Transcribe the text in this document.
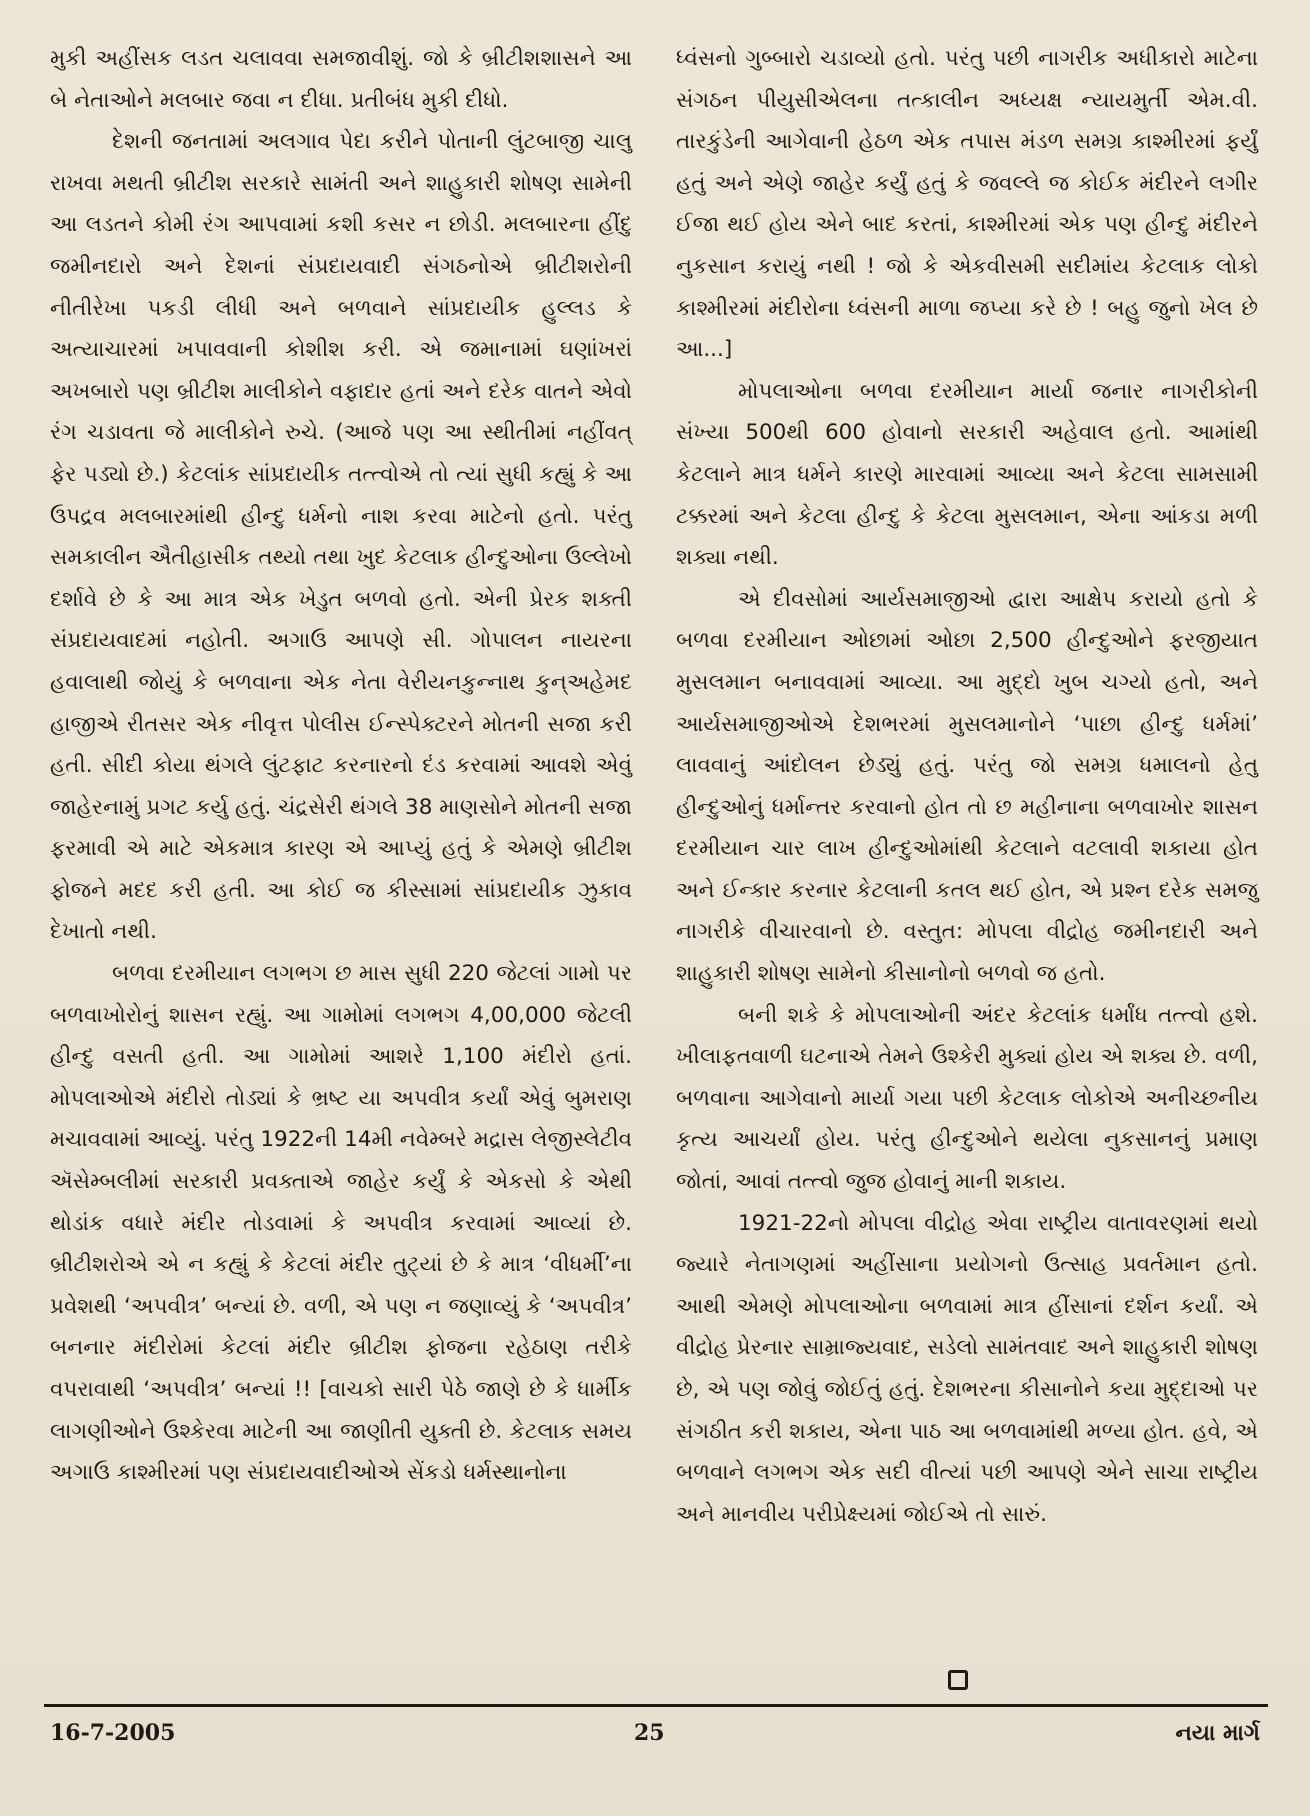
મુકી અહીંસક લડત ચલાવવા સમજાવીશું. જો કે બ્રીટીશશાસને આ બે નેતાઓને મલબાર જવા ન દીધા. પ્રતીબંધ મુકી દીધો.

દેશની જનતામાં અલગાવ પેદા કરીને પોતાની લુંટબાજી ચાલુ રાખવા મથતી બ્રીટીશ સરકારે સામંતી અને શાહુકારી શોષણ સામેની આ લડતને કોમી રંગ આપવામાં કશી કસર ન છોડી. મલબારના હીંદુ જમીનદારો અને દેશનાં સંપ્રદાયવાદી સંગઠનોએ બ્રીટીશરોની નીતીરેખા પકડી લીધી અને બળવાને સાંપ્રદાયીક હુલ્લડ કે અત્યાચારમાં ખપાવવાની કોશીશ કરી. એ જમાનામાં ઘણાંખરાં અખબારો પણ બ્રીટીશ માલીકોને વફાદાર હતાં અને દરેક વાતને એવો રંગ ચડાવતા જે માલીકોને રુચે. (આજે પણ આ સ્થીતીમાં નહીંવત્ ફેર પડ્યો છે.) કેટલાંક સાંપ્રદાયીક તત્ત્વોએ તો ત્યાં સુધી કહ્યું કે આ ઉપદ્રવ મલબારમાંથી હીન્દુ ધર્મનો નાશ કરવા માટેનો હતો. પરંતુ સમકાલીન ઐતીહાસીક તથ્યો તથા ખુદ કેટલાક હીન્દુઓના ઉલ્લેખો દર્શાવે છે કે આ માત્ર એક ખેડુત બળવો હતો. એની પ્રેરક શક્તી સંપ્રદાયવાદમાં નહોતી. અગાઉ આપણે સી. ગોપાલન નાયરના હવાલાથી જોયું કે બળવાના એક નેતા વેરીયનકુન્નાથ કુન્અહેમદ હાજીએ રીતસર એક નીવૃત્ત પોલીસ ઈન્સ્પેક્ટરને મોતની સજા કરી હતી. સીદી કોયા થંગલે લુંટફાટ કરનારનો દંડ કરવામાં આવશે એવું જાહેરનામું પ્રગટ કર્યુ હતું. ચંદ્રસેરી થંગલે 38 માણસોને મોતની સજા ફરમાવી એ માટે એકમાત્ર કારણ એ આપ્યું હતું કે એમણે બ્રીટીશ ફોજને મદદ કરી હતી. આ કોઈ જ કીસ્સામાં સાંપ્રદાયીક ઝુકાવ દેખાતો નથી.

બળવા દરમીયાન લગભગ છ માસ સુધી 220 જેટલાં ગામો પર બળવાખોરોનું શાસન રહ્યું. આ ગામોમાં લગભગ 4,00,000 જેટલી હીન્દુ વસતી હતી. આ ગામોમાં આશરે 1,100 મંદીરો હતાં. મોપલાઓએ મંદીરો તોડ્યાં કે ભ્રષ્ટ યા અપવીત્ર કર્યાં એવું બુમરાણ મચાવવામાં આવ્યું. પરંતુ 1922ની 14મી નવેમ્બરે મદ્રાસ લેજીસ્લેટીવ ઍસેમ્બલીમાં સરકારી પ્રવક્તાએ જાહેર કર્યું કે એકસો કે એથી થોડાંક વધારે મંદીર તોડવામાં કે અપવીત્ર કરવામાં આવ્યાં છે. બ્રીટીશરોએ એ ન કહ્યું કે કેટલાં મંદીર તુટ્યાં છે કે માત્ર ‘વીધર્મી’ના પ્રવેશથી ‘અપવીત્ર’ બન્યાં છે. વળી, એ પણ ન જણાવ્યું કે ‘અપવીત્ર’ બનનાર મંદીરોમાં કેટલાં મંદીર બ્રીટીશ ફોજના રહેઠાણ તરીકે વપરાવાથી ‘અપવીત્ર’ બન્યાં !! [વાચકો સારી પેઠે જાણે છે કે ધાર્મીક લાગણીઓને ઉશ્કેરવા માટેની આ જાણીતી યુક્તી છે. કેટલાક સમય અગાઉ કાશ્મીરમાં પણ સંપ્રદાયવાદીઓએ સેંકડો ધર્મસ્થાનોના

ધ્વંસનો ગુબ્બારો ચડાવ્યો હતો. પરંતુ પછી નાગરીક અધીકારો માટેના સંગઠન પીયુસીએલના તત્કાલીન અધ્યક્ષ ન્યાયમુર્તી એમ.વી. તારકુંડેની આગેવાની હેઠળ એક તપાસ મંડળ સમગ્ર કાશ્મીરમાં ફર્યું હતું અને એણે જાહેર કર્યું હતું કે જવલ્લે જ કોઈક મંદીરને લગીર ઈજા થઈ હોય એને બાદ કરતાં, કાશ્મીરમાં એક પણ હીન્દુ મંદીરને નુકસાન કરાયું નથી ! જો કે એકવીસમી સદીમાંય કેટલાક લોકો કાશ્મીરમાં મંદીરોના ધ્વંસની માળા જપ્યા કરે છે ! બહુ જુનો ખેલ છે આ...]

મોપલાઓના બળવા દરમીયાન માર્યા જનાર નાગરીકોની સંખ્યા 500થી 600 હોવાનો સરકારી અહેવાલ હતો. આમાંથી કેટલાને માત્ર ધર્મને કારણે મારવામાં આવ્યા અને કેટલા સામસામી ટક્કરમાં અને કેટલા હીન્દુ કે કેટલા મુસલમાન, એના આંકડા મળી શક્યા નથી.

એ દીવસોમાં આર્યસમાજીઓ દ્વારા આક્ષેપ કરાયો હતો કે બળવા દરમીયાન ઓછામાં ઓછા 2,500 હીન્દુઓને ફરજીયાત મુસલમાન બનાવવામાં આવ્યા. આ મુદ્દો ખુબ ચગ્યો હતો, અને આર્યસમાજીઓએ દેશભરમાં મુસલમાનોને ‘પાછા હીન્દુ ધર્મમાં’ લાવવાનું આંદોલન છેડ્યું હતું. પરંતુ જો સમગ્ર ધમાલનો હેતુ હીન્દુઓનું ધર્માન્તર કરવાનો હોત તો છ મહીનાના બળવાખોર શાસન દરમીયાન ચાર લાખ હીન્દુઓમાંથી કેટલાને વટલાવી શકાયા હોત અને ઈન્કાર કરનાર કેટલાની કતલ થઈ હોત, એ પ્રશ્ન દરેક સમજુ નાગરીકે વીચારવાનો છે. વસ્તુત: મોપલા વીદ્રોહ જમીનદારી અને શાહુકારી શોષણ સામેનો કીસાનોનો બળવો જ હતો.

બની શકે કે મોપલાઓની અંદર કેટલાંક ધર્માંધ તત્ત્વો હશે. ખીલાફતવાળી ઘટનાએ તેમને ઉશ્કેરી મુક્યાં હોય એ શક્ય છે. વળી, બળવાના આગેવાનો માર્યા ગયા પછી કેટલાક લોકોએ અનીચ્છનીય કૃત્ય આચર્યાં હોય. પરંતુ હીન્દુઓને થયેલા નુકસાનનું પ્રમાણ જોતાં, આવાં તત્ત્વો જુજ હોવાનું માની શકાય.

1921-22નો મોપલા વીદ્રોહ એવા રાષ્ટ્રીય વાતાવરણમાં થયો જ્યારે નેતાગણમાં અહીંસાના પ્રયોગનો ઉત્સાહ પ્રવર્તમાન હતો. આથી એમણે મોપલાઓના બળવામાં માત્ર હીંસાનાં દર્શન કર્યાં. એ વીદ્રોહ પ્રેરનાર સામ્રાજ્યવાદ, સડેલો સામંતવાદ અને શાહુકારી શોષણ છે, એ પણ જોવું જોઈતું હતું. દેશભરના કીસાનોને કયા મુદ્દાઓ પર સંગઠીત કરી શકાય, એના પાઠ આ બળવામાંથી મળ્યા હોત. હવે, એ બળવાને લગભગ એક સદી વીત્યાં પછી આપણે એને સાચા રાષ્ટ્રીય અને માનવીય પરીપ્રેક્ષ્યમાં જોઈએ તો સારું.

16-7-2005	25	નયા માર્ગ
